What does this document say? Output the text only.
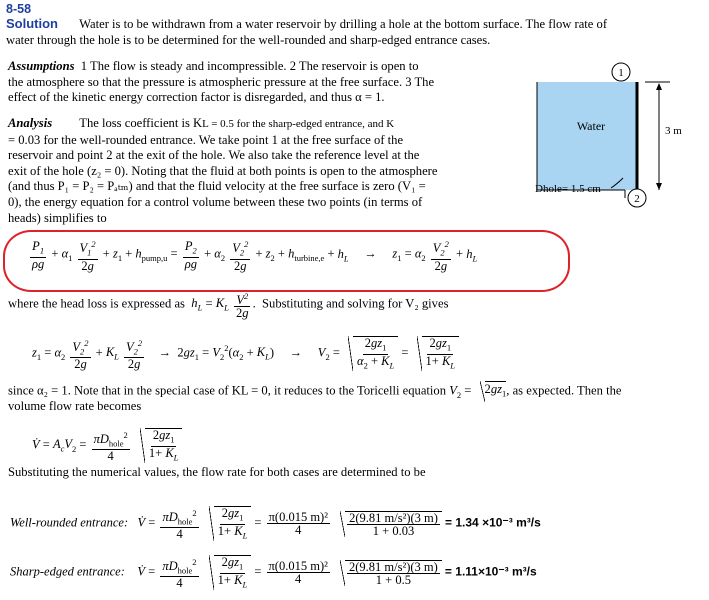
8-58
Solution Water is to be withdrawn from a water reservoir by drilling a hole at the bottom surface. The flow rate of
water through the hole is to be determined for the well-rounded and sharp-edged entrance cases.
Assumptions 1 The flow is steady and incompressible. 2 The reservoir is open to
the atmosphere so that the pressure is atmospheric pressure at the free surface. 3 The
effect of the kinetic energy correction factor is disregarded, and thus α = 1.
Analysis The loss coefficient is KL = 0.5 for the sharp-edged entrance, and K
= 0.03 for the well-rounded entrance. We take point 1 at the free surface of the
reservoir and point 2 at the exit of the hole. We also take the reference level at the
exit of the hole (z₂ = 0). Noting that the fluid at both points is open to the atmosphere
(and thus P₁ = P₂ = Pₐₜₘ) and that the fluid velocity at the free surface is zero (V₁ =
0), the energy equation for a control volume between these two points (in terms of
heads) simplifies to
1
2
Water	3 m
Dhole= 1.5 cm
$\frac{P_1}{\rho g} + \alpha_1 \frac{V_1^2}{2g} + z_1 + h_{pump,u} = \frac{P_2}{\rho g} + \alpha_2 \frac{V_2^2}{2g} + z_2 + h_{turbine,e} + h_L$     →     $z_1 = \alpha_2 \frac{V_2^2}{2g} + h_L$
where the head loss is expressed as $h_L = K_L \frac{V^2}{2g}$ .  Substituting and solving for V₂ gives
$z_1 = \alpha_2 \frac{V_2^2}{2g} + K_L \frac{V_2^2}{2g} \to 2gz_1 = V_2^2(\alpha_2 + K_L)$     →     $V_2 = \frac{2gz_1}{\alpha_2 + K_L} = \frac{2gz_1}{1+ K_L}$
since α₂ = 1. Note that in the special case of KL = 0, it reduces to the Toricelli equation $V_2 = 2gz_1$, as expected. Then the
volume flow rate becomes
V̇ = $A_cV_2 = \frac{\pi D_{hole}^2}{4}$
$\frac{2gz_1}{1+ K_L}$
Substituting the numerical values, the flow rate for both cases are determined to be
Well-rounded entrance: V̇ = $\frac{\pi D_{hole}^2}{4}$
$\frac{2gz_1}{1+ K_L} = \frac{\text{π(0.015 m)²}}{4}$
$\frac{\text{2(9.81 m/s²)(3 m)}}{1 + 0.03} = 1.34 \times 10^{-3}$ m³/s
Sharp-edged entrance: V̇ = $\frac{\pi D_{hole}^2}{4}$
$\frac{2gz_1}{1+ K_L} = \frac{\text{π(0.015 m)²}}{4}$
$\frac{\text{2(9.81 m/s²)(3 m)}}{1 + 0.5} = 1.11\times 10^{-3}$ m³/s
